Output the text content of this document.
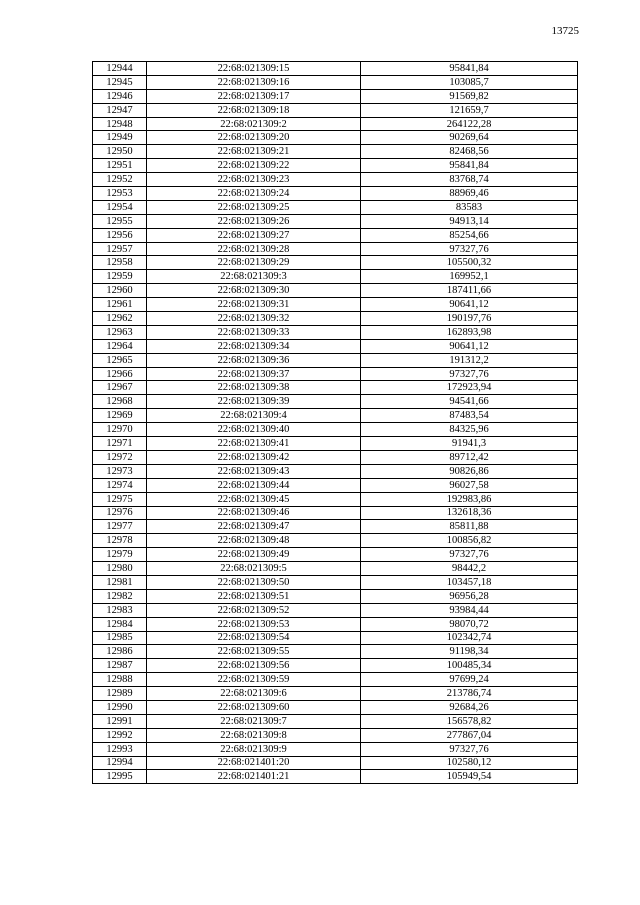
13725
12944	22:68:021309:15	95841,84
12945	22:68:021309:16	103085,7
12946	22:68:021309:17	91569,82
12947	22:68:021309:18	121659,7
12948	22:68:021309:2	264122,28
12949	22:68:021309:20	90269,64
12950	22:68:021309:21	82468,56
12951	22:68:021309:22	95841,84
12952	22:68:021309:23	83768,74
12953	22:68:021309:24	88969,46
12954	22:68:021309:25	83583
12955	22:68:021309:26	94913,14
12956	22:68:021309:27	85254,66
12957	22:68:021309:28	97327,76
12958	22:68:021309:29	105500,32
12959	22:68:021309:3	169952,1
12960	22:68:021309:30	187411,66
12961	22:68:021309:31	90641,12
12962	22:68:021309:32	190197,76
12963	22:68:021309:33	162893,98
12964	22:68:021309:34	90641,12
12965	22:68:021309:36	191312,2
12966	22:68:021309:37	97327,76
12967	22:68:021309:38	172923,94
12968	22:68:021309:39	94541,66
12969	22:68:021309:4	87483,54
12970	22:68:021309:40	84325,96
12971	22:68:021309:41	91941,3
12972	22:68:021309:42	89712,42
12973	22:68:021309:43	90826,86
12974	22:68:021309:44	96027,58
12975	22:68:021309:45	192983,86
12976	22:68:021309:46	132618,36
12977	22:68:021309:47	85811,88
12978	22:68:021309:48	100856,82
12979	22:68:021309:49	97327,76
12980	22:68:021309:5	98442,2
12981	22:68:021309:50	103457,18
12982	22:68:021309:51	96956,28
12983	22:68:021309:52	93984,44
12984	22:68:021309:53	98070,72
12985	22:68:021309:54	102342,74
12986	22:68:021309:55	91198,34
12987	22:68:021309:56	100485,34
12988	22:68:021309:59	97699,24
12989	22:68:021309:6	213786,74
12990	22:68:021309:60	92684,26
12991	22:68:021309:7	156578,82
12992	22:68:021309:8	277867,04
12993	22:68:021309:9	97327,76
12994	22:68:021401:20	102580,12
12995	22:68:021401:21	105949,54
